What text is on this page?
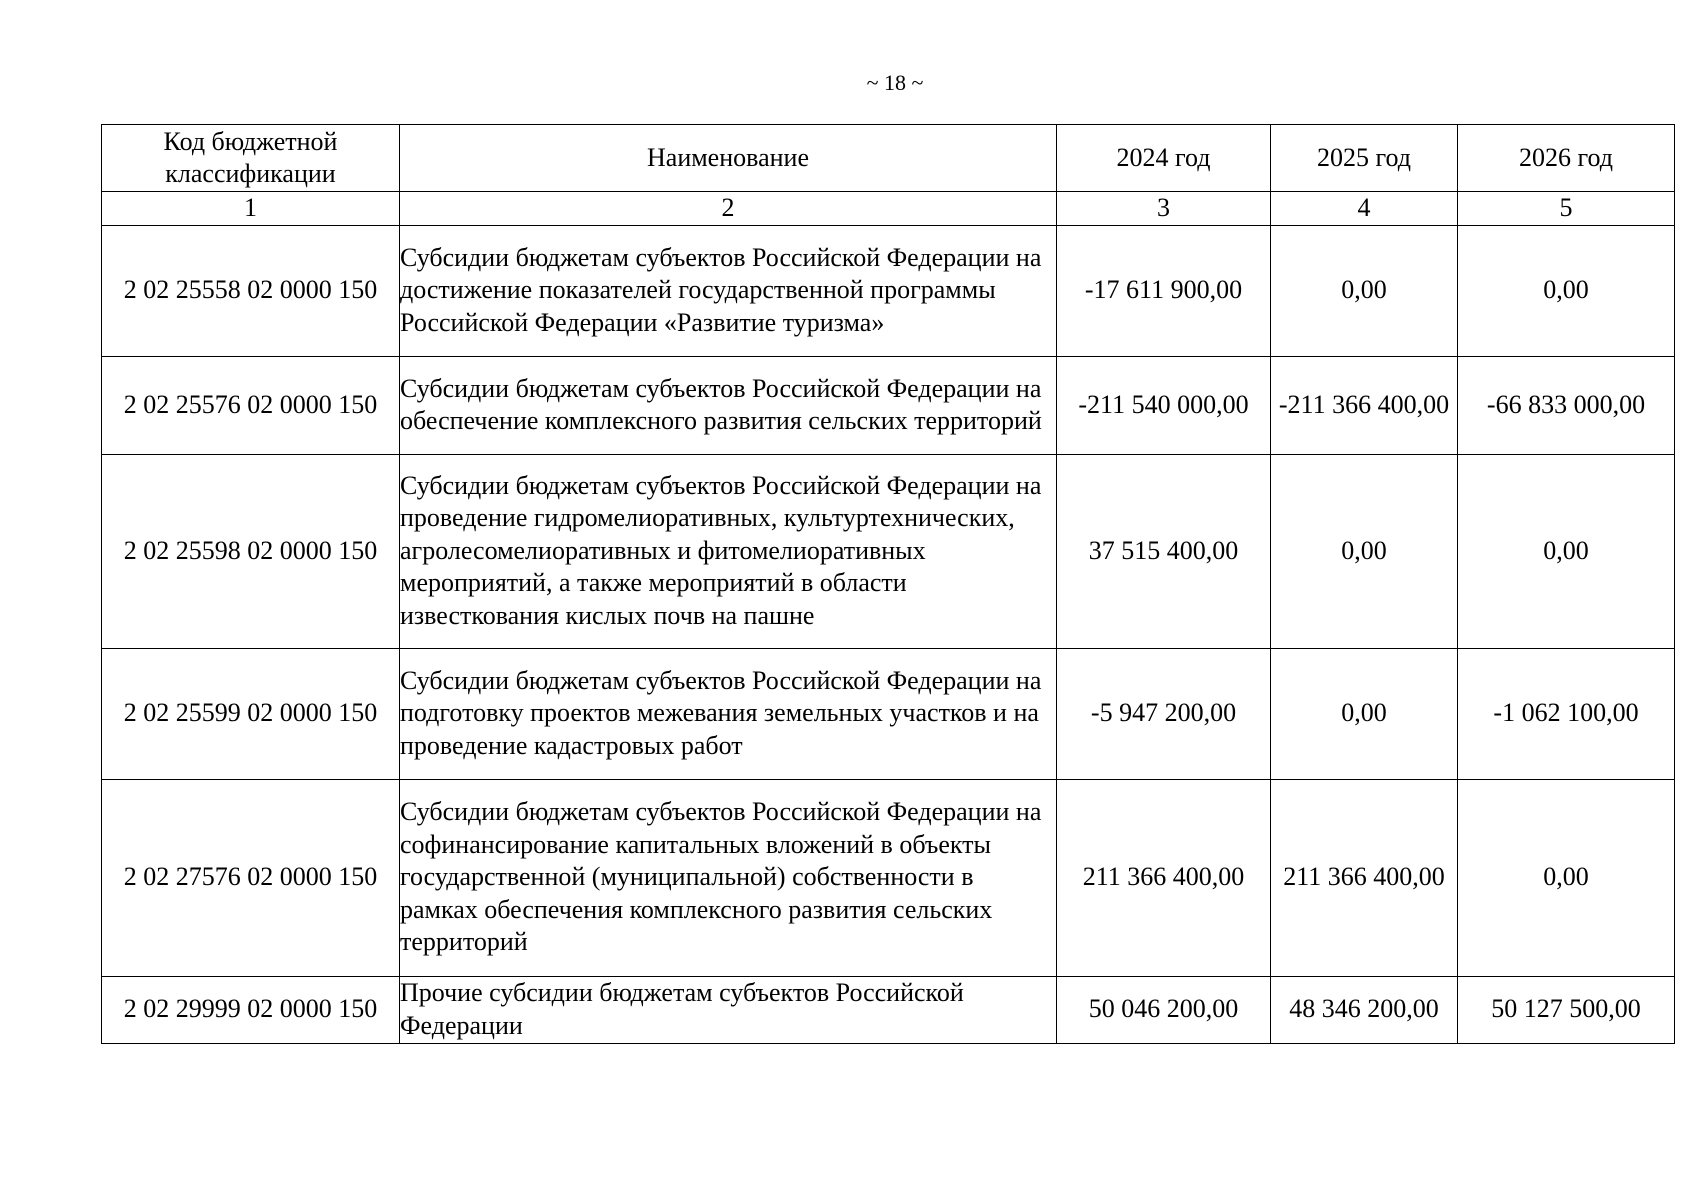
~ 18 ~
Код бюджетной классификации	Наименование	2024 год	2025 год	2026 год
1	2	3	4	5
2 02 25558 02 0000 150	Субсидии бюджетам субъектов Российской Федерации на достижение показателей государственной программы Российской Федерации «Развитие туризма»	-17 611 900,00	0,00	0,00
2 02 25576 02 0000 150	Субсидии бюджетам субъектов Российской Федерации на обеспечение комплексного развития сельских территорий	-211 540 000,00	-211 366 400,00	-66 833 000,00
2 02 25598 02 0000 150	Субсидии бюджетам субъектов Российской Федерации на проведение гидромелиоративных, культуртехнических, агролесомелиоративных и фитомелиоративных мероприятий, а также мероприятий в области известкования кислых почв на пашне	37 515 400,00	0,00	0,00
2 02 25599 02 0000 150	Субсидии бюджетам субъектов Российской Федерации на подготовку проектов межевания земельных участков и на проведение кадастровых работ	-5 947 200,00	0,00	-1 062 100,00
2 02 27576 02 0000 150	Субсидии бюджетам субъектов Российской Федерации на софинансирование капитальных вложений в объекты государственной (муниципальной) собственности в рамках обеспечения комплексного развития сельских территорий	211 366 400,00	211 366 400,00	0,00
2 02 29999 02 0000 150	Прочие субсидии бюджетам субъектов Российской Федерации	50 046 200,00	48 346 200,00	50 127 500,00
